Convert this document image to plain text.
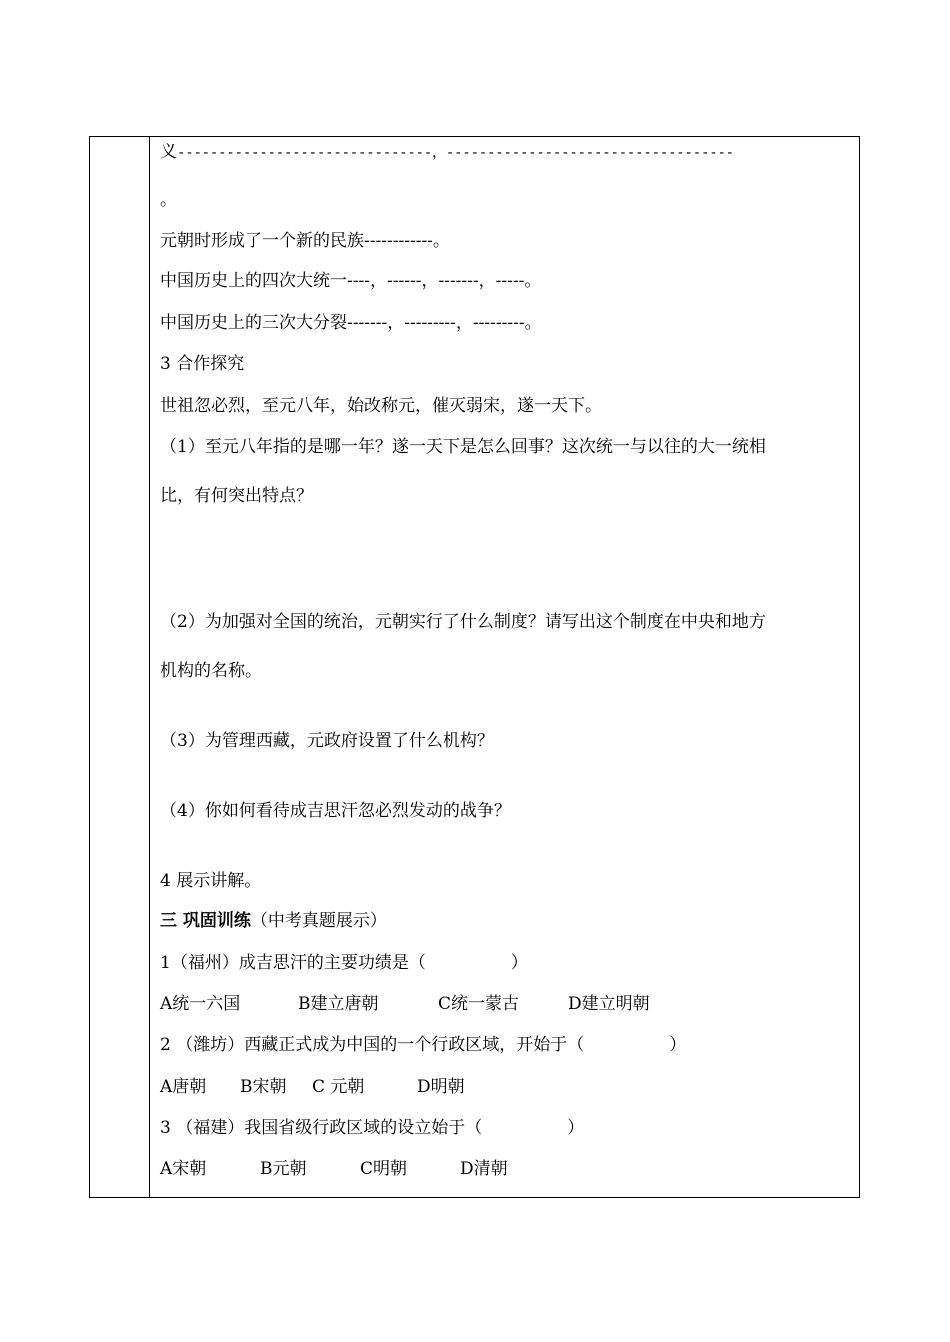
义-------------------------------，-----------------------------------
。
元朝时形成了一个新的民族------------。
中国历史上的四次大统一----，------，-------，-----。
中国历史上的三次大分裂-------，---------，---------。
3 合作探究
世祖忽必烈，至元八年，始改称元，催灭弱宋，遂一天下。
（1）至元八年指的是哪一年？遂一天下是怎么回事？这次统一与以往的大一统相
比，有何突出特点？
（2）为加强对全国的统治，元朝实行了什么制度？请写出这个制度在中央和地方
机构的名称。
（3）为管理西藏，元政府设置了什么机构？
（4）你如何看待成吉思汗忽必烈发动的战争？
4 展示讲解。
三 巩固训练（中考真题展示）
1（福州）成吉思汗的主要功绩是（　　　　　）
A统一六国	B建立唐朝	C统一蒙古	D建立明朝
2 （潍坊）西藏正式成为中国的一个行政区域，开始于（　　　　　）
A唐朝 B宋朝 C 元朝	D明朝
3 （福建）我国省级行政区域的设立始于（　　　　　）
A宋朝	B元朝	C明朝	D清朝
